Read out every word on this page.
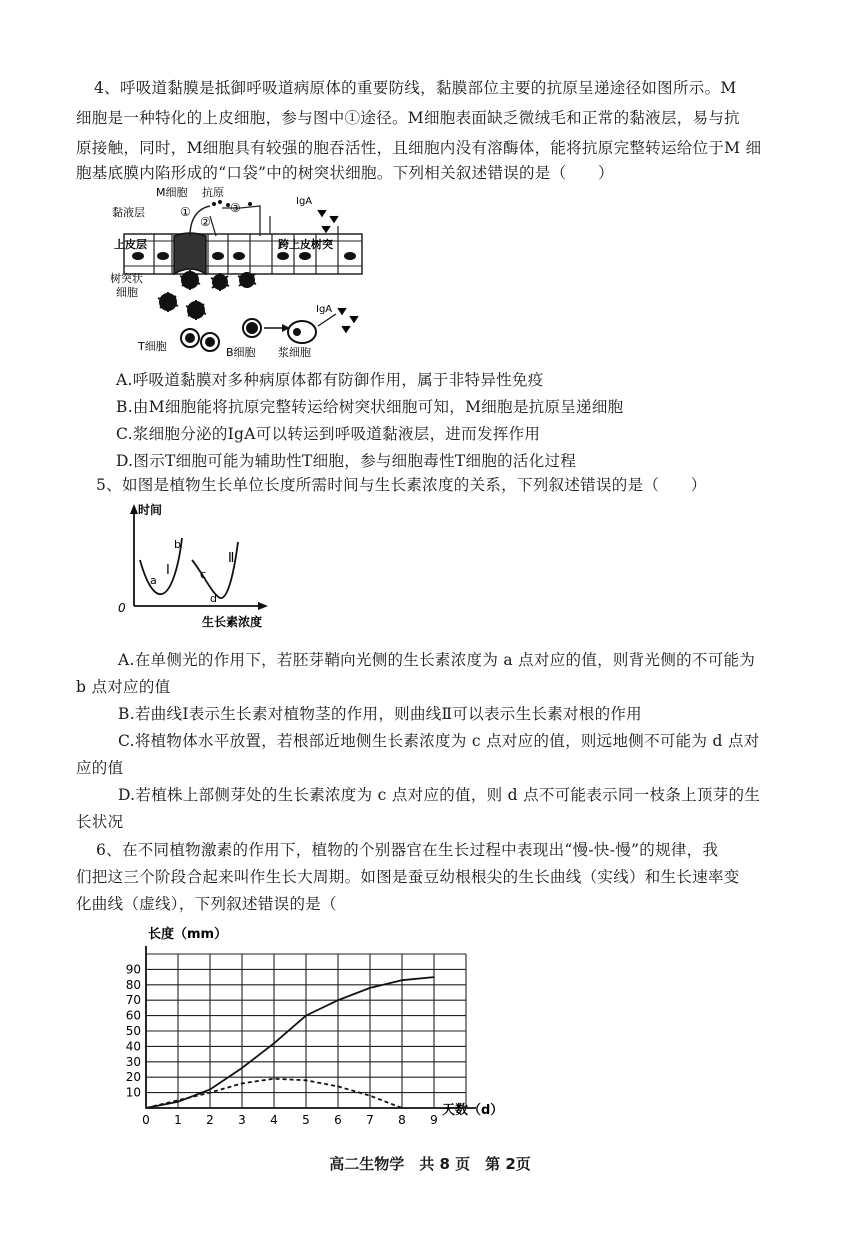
4、呼吸道黏膜是抵御呼吸道病原体的重要防线，黏膜部位主要的抗原呈递途径如图所示。M
细胞是一种特化的上皮细胞，参与图中①途径。M细胞表面缺乏微绒毛和正常的黏液层，易与抗
原接触，同时，M细胞具有较强的胞吞活性，且细胞内没有溶酶体，能将抗原完整转运给位于M 细
胞基底膜内陷形成的“口袋”中的树突状细胞。下列相关叙述错误的是（　　）
M细胞 抗原
黏液层
上皮层	跨上皮树突
IgA
IgA
树突状
细胞
T细胞	B细胞 浆细胞
①
②
③
A.呼吸道黏膜对多种病原体都有防御作用，属于非特异性免疫
B.由M细胞能将抗原完整转运给树突状细胞可知，M细胞是抗原呈递细胞
C.浆细胞分泌的IgA可以转运到呼吸道黏液层，进而发挥作用
D.图示T细胞可能为辅助性T细胞，参与细胞毒性T细胞的活化过程
5、如图是植物生长单位长度所需时间与生长素浓度的关系，下列叙述错误的是（　　）
时间
生长素浓度
0
Ⅰ
Ⅱ
a
b
c
d
A.在单侧光的作用下，若胚芽鞘向光侧的生长素浓度为 a 点对应的值，则背光侧的不可能为
b 点对应的值
B.若曲线Ⅰ表示生长素对植物茎的作用，则曲线Ⅱ可以表示生长素对根的作用
C.将植物体水平放置，若根部近地侧生长素浓度为 c 点对应的值，则远地侧不可能为 d 点对
应的值
D.若植株上部侧芽处的生长素浓度为 c 点对应的值，则 d 点不可能表示同一枝条上顶芽的生
长状况
6、在不同植物激素的作用下，植物的个别器官在生长过程中表现出“慢-快-慢”的规律，我
们把这三个阶段合起来叫作生长大周期。如图是蚕豆幼根根尖的生长曲线（实线）和生长速率变
化曲线（虚线），下列叙述错误的是（
0 1 2 3 4 5 6 7 8 9
10
20
30
40
50
60
70
80
90
长度（mm）
天数（d）
高二生物学　共 8 页　第 2页
